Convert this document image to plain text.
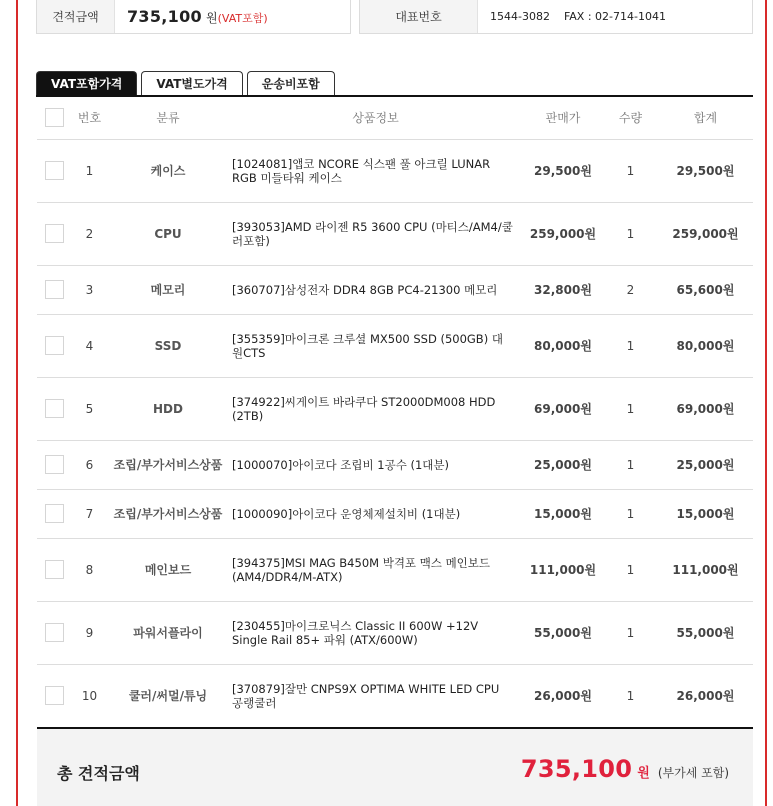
견적금액	735,100 원 (VAT포함)	대표번호	1544-3082 FAX : 02-714-1041
VAT포함가격	VAT별도가격	운송비포함
	번호	분류	상품정보	판매가	수량	합계
	1	케이스	[1024081]앱코 NCORE 식스팬 풀 아크릴 LUNAR RGB 미들타워 케이스	29,500원	1	29,500원
	2	CPU	[393053]AMD 라이젠 R5 3600 CPU (마티스/AM4/쿨러포함)	259,000원	1	259,000원
	3	메모리	[360707]삼성전자 DDR4 8GB PC4-21300 메모리	32,800원	2	65,600원
	4	SSD	[355359]마이크론 크루셜 MX500 SSD (500GB) 대원CTS	80,000원	1	80,000원
	5	HDD	[374922]씨게이트 바라쿠다 ST2000DM008 HDD (2TB)	69,000원	1	69,000원
	6	조립/부가서비스상품	[1000070]아이코다 조립비 1공수 (1대분)	25,000원	1	25,000원
	7	조립/부가서비스상품	[1000090]아이코다 운영체제설치비 (1대분)	15,000원	1	15,000원
	8	메인보드	[394375]MSI MAG B450M 박격포 맥스 메인보드 (AM4/DDR4/M-ATX)	111,000원	1	111,000원
	9	파워서플라이	[230455]마이크로닉스 Classic II 600W +12V Single Rail 85+ 파워 (ATX/600W)	55,000원	1	55,000원
	10	쿨러/써멀/튜닝	[370879]잘만 CNPS9X OPTIMA WHITE LED CPU 공랭쿨러	26,000원	1	26,000원
총 견적금액	735,100 원 (부가세 포함)
